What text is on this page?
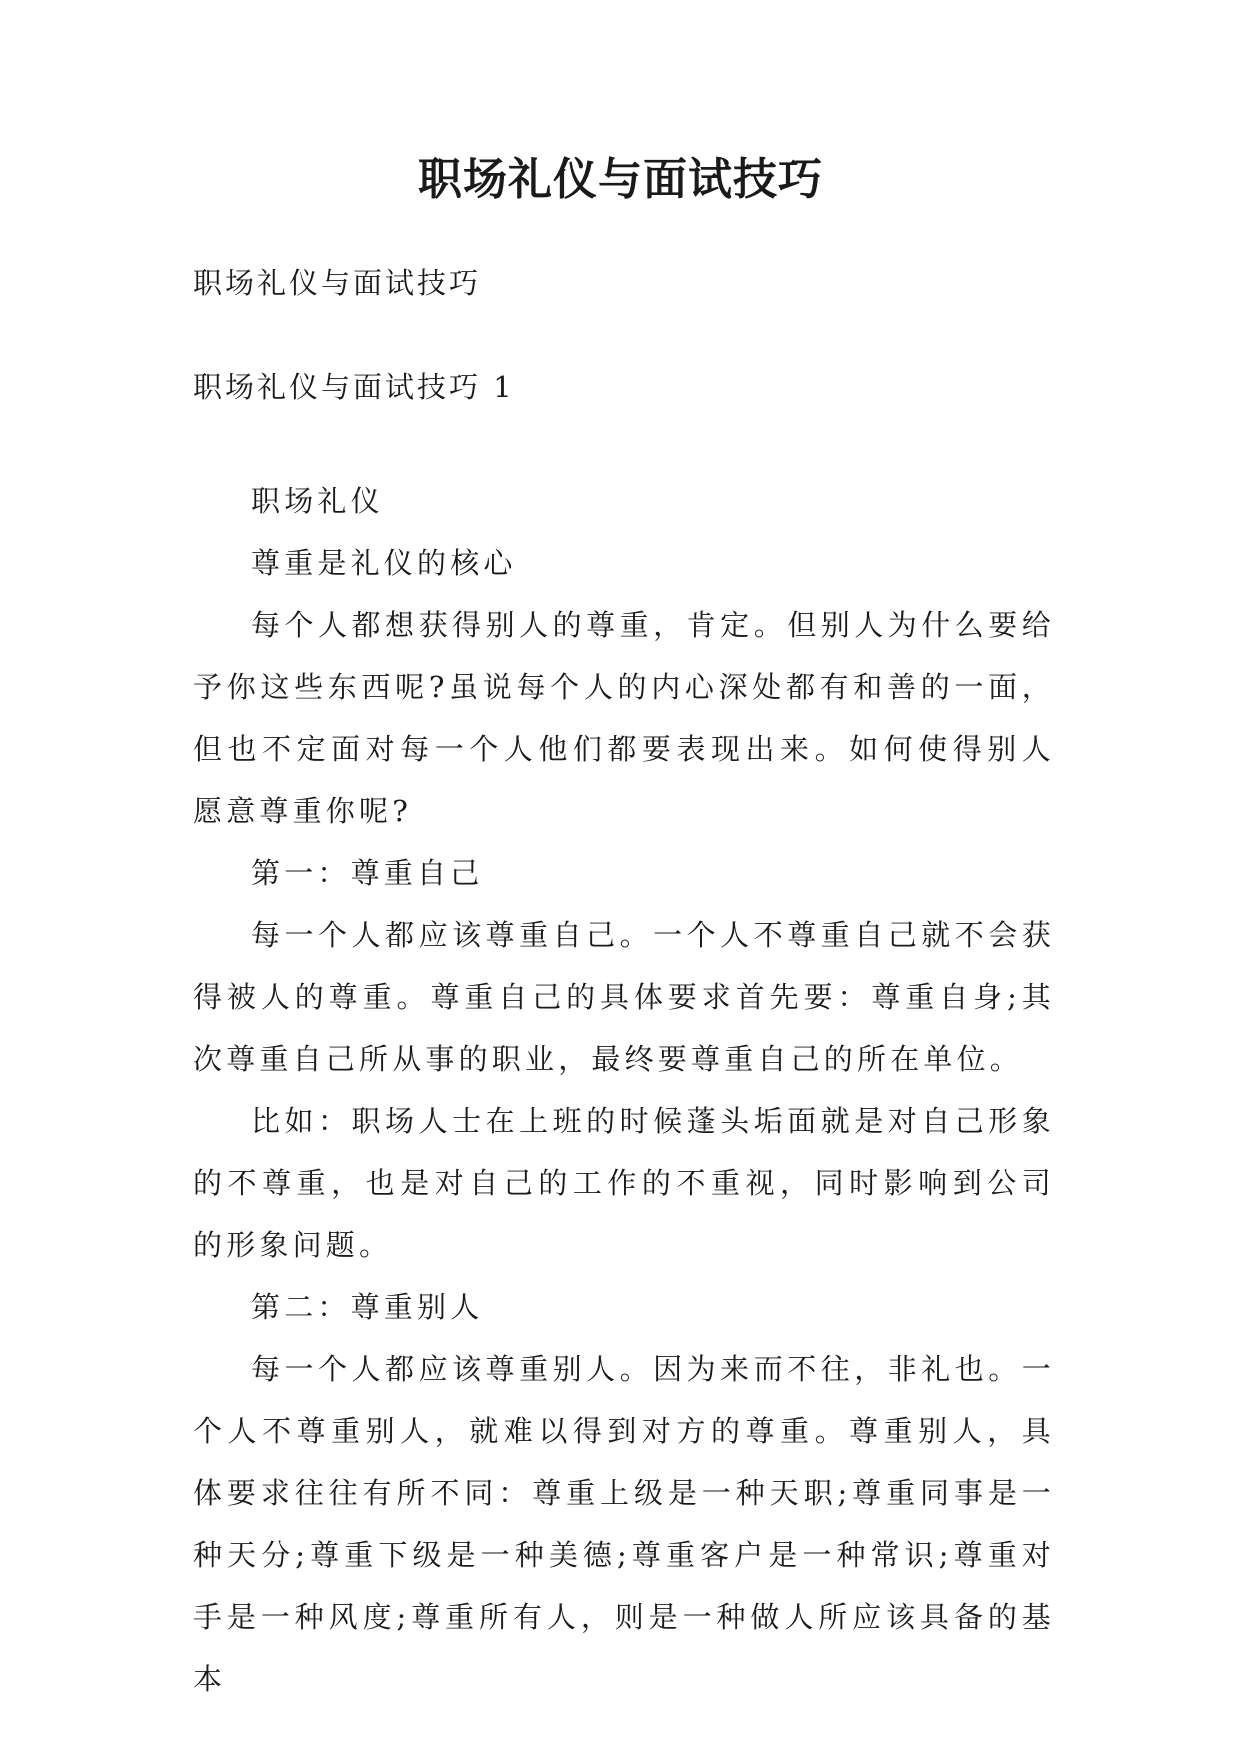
职场礼仪与面试技巧

职场礼仪与面试技巧

职场礼仪与面试技巧 1

职场礼仪

尊重是礼仪的核心

每个人都想获得别人的尊重，肯定。但别人为什么要给予你这些东西呢?虽说每个人的内心深处都有和善的一面，但也不定面对每一个人他们都要表现出来。如何使得别人愿意尊重你呢?

第一：尊重自己

每一个人都应该尊重自己。一个人不尊重自己就不会获得被人的尊重。尊重自己的具体要求首先要：尊重自身;其次尊重自己所从事的职业，最终要尊重自己的所在单位。

比如：职场人士在上班的时候蓬头垢面就是对自己形象的不尊重，也是对自己的工作的不重视，同时影响到公司的形象问题。

第二：尊重别人

每一个人都应该尊重别人。因为来而不往，非礼也。一个人不尊重别人，就难以得到对方的尊重。尊重别人，具体要求往往有所不同：尊重上级是一种天职;尊重同事是一种天分;尊重下级是一种美德;尊重客户是一种常识;尊重对手是一种风度;尊重所有人，则是一种做人所应该具备的基本
